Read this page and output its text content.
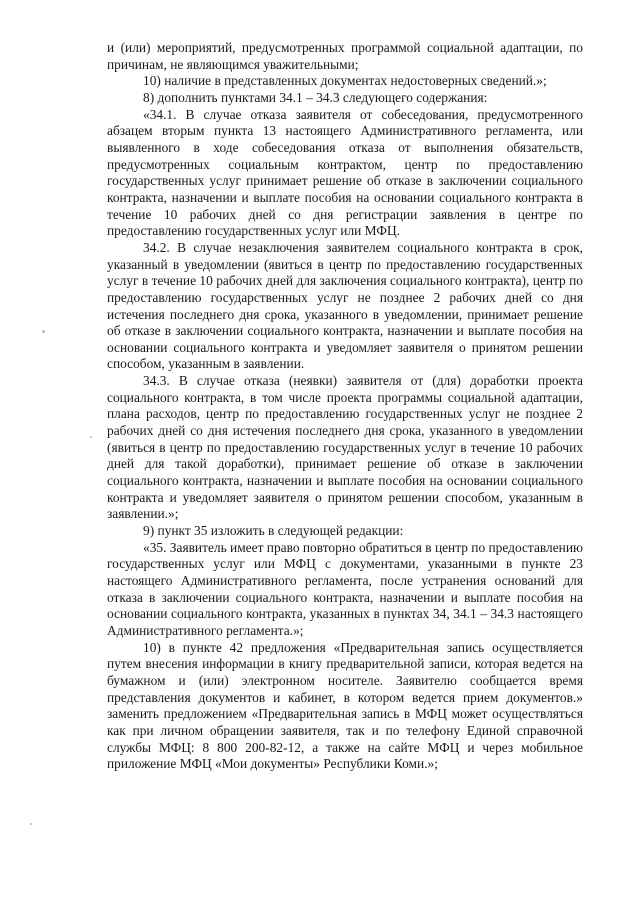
и (или) мероприятий, предусмотренных программой социальной адаптации, по причинам, не являющимся уважительными;

10) наличие в представленных документах недостоверных сведений.»;

8) дополнить пунктами 34.1 – 34.3 следующего содержания:

«34.1. В случае отказа заявителя от собеседования, предусмотренного абзацем вторым пункта 13 настоящего Административного регламента, или выявленного в ходе собеседования отказа от выполнения обязательств, предусмотренных социальным контрактом, центр по предоставлению государственных услуг принимает решение об отказе в заключении социального контракта, назначении и выплате пособия на основании социального контракта в течение 10 рабочих дней со дня регистрации заявления в центре по предоставлению государственных услуг или МФЦ.

34.2. В случае незаключения заявителем социального контракта в срок, указанный в уведомлении (явиться в центр по предоставлению государственных услуг в течение 10 рабочих дней для заключения социального контракта), центр по предоставлению государственных услуг не позднее 2 рабочих дней со дня истечения последнего дня срока, указанного в уведомлении, принимает решение об отказе в заключении социального контракта, назначении и выплате пособия на основании социального контракта и уведомляет заявителя о принятом решении способом, указанным в заявлении.

34.3. В случае отказа (неявки) заявителя от (для) доработки проекта социального контракта, в том числе проекта программы социальной адаптации, плана расходов, центр по предоставлению государственных услуг не позднее 2 рабочих дней со дня истечения последнего дня срока, указанного в уведомлении (явиться в центр по предоставлению государственных услуг в течение 10 рабочих дней для такой доработки), принимает решение об отказе в заключении социального контракта, назначении и выплате пособия на основании социального контракта и уведомляет заявителя о принятом решении способом, указанным в заявлении.»;

9) пункт 35 изложить в следующей редакции:

«35. Заявитель имеет право повторно обратиться в центр по предоставлению государственных услуг или МФЦ с документами, указанными в пункте 23 настоящего Административного регламента, после устранения оснований для отказа в заключении социального контракта, назначении и выплате пособия на основании социального контракта, указанных в пунктах 34, 34.1 – 34.3 настоящего Административного регламента.»;

10) в пункте 42 предложения «Предварительная запись осуществляется путем внесения информации в книгу предварительной записи, которая ведется на бумажном и (или) электронном носителе. Заявителю сообщается время представления документов и кабинет, в котором ведется прием документов.» заменить предложением «Предварительная запись в МФЦ может осуществляться как при личном обращении заявителя, так и по телефону Единой справочной службы МФЦ: 8 800 200-82-12, а также на сайте МФЦ и через мобильное приложение МФЦ «Мои документы» Республики Коми.»;
